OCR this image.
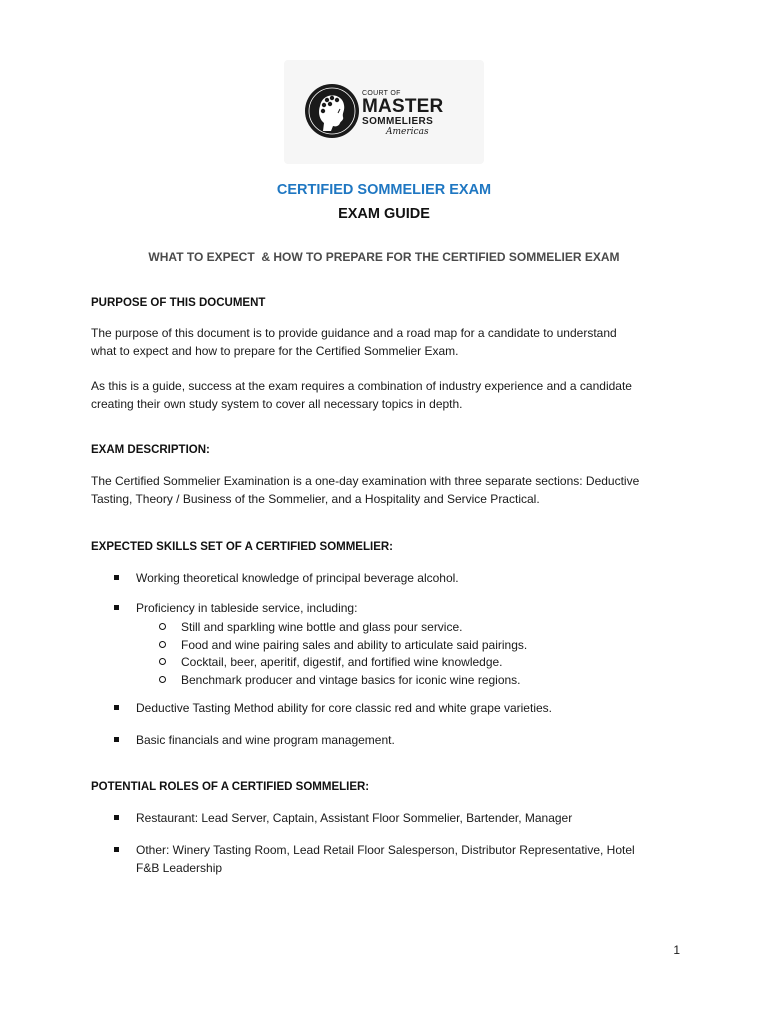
COURT OF
MASTER
SOMMELIERS
Americas
CERTIFIED SOMMELIER EXAM
EXAM GUIDE
WHAT TO EXPECT  & HOW TO PREPARE FOR THE CERTIFIED SOMMELIER EXAM
PURPOSE OF THIS DOCUMENT
The purpose of this document is to provide guidance and a road map for a candidate to understand
what to expect and how to prepare for the Certified Sommelier Exam.
As this is a guide, success at the exam requires a combination of industry experience and a candidate
creating their own study system to cover all necessary topics in depth.
EXAM DESCRIPTION:
The Certified Sommelier Examination is a one-day examination with three separate sections: Deductive
Tasting, Theory / Business of the Sommelier, and a Hospitality and Service Practical.
EXPECTED SKILLS SET OF A CERTIFIED SOMMELIER:
Working theoretical knowledge of principal beverage alcohol.
Proficiency in tableside service, including:
Still and sparkling wine bottle and glass pour service.
Food and wine pairing sales and ability to articulate said pairings.
Cocktail, beer, aperitif, digestif, and fortified wine knowledge.
Benchmark producer and vintage basics for iconic wine regions.
Deductive Tasting Method ability for core classic red and white grape varieties.
Basic financials and wine program management.
POTENTIAL ROLES OF A CERTIFIED SOMMELIER:
Restaurant: Lead Server, Captain, Assistant Floor Sommelier, Bartender, Manager
Other: Winery Tasting Room, Lead Retail Floor Salesperson, Distributor Representative, Hotel
F&B Leadership
1
